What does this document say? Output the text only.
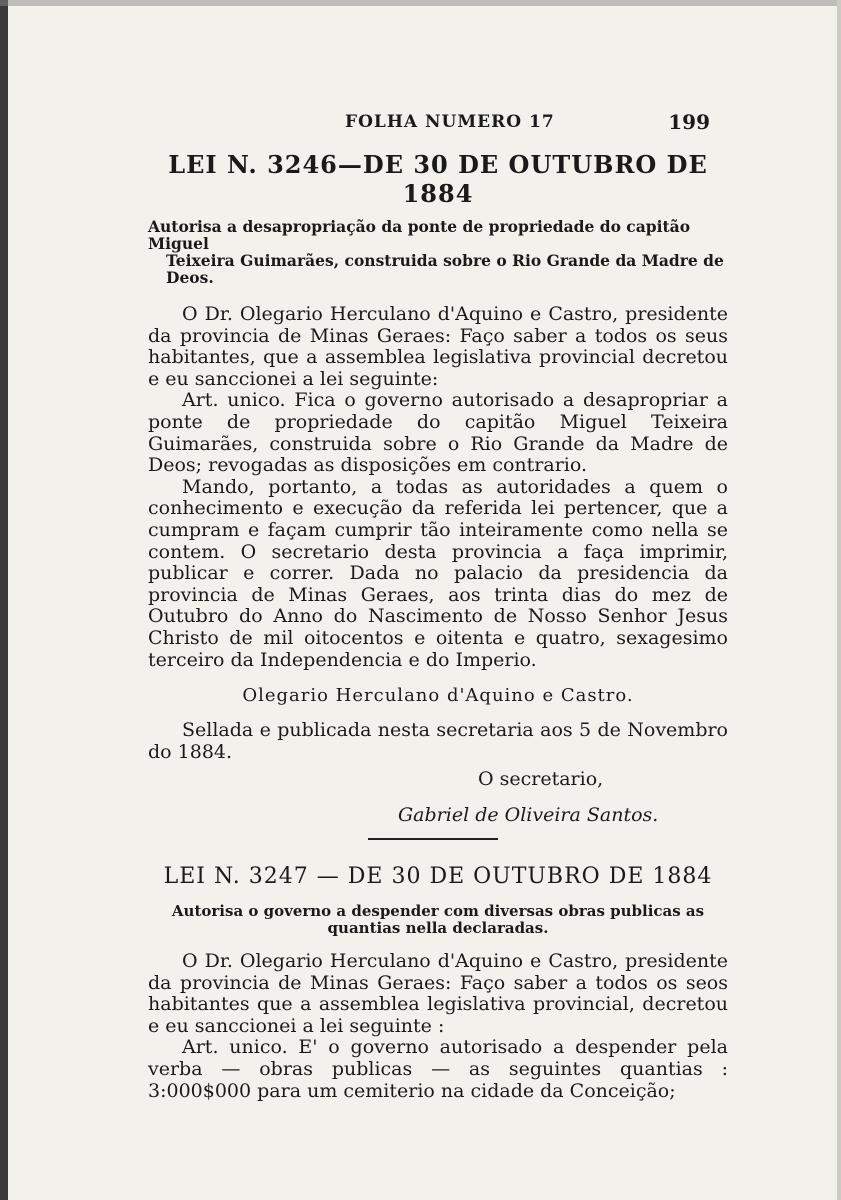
FOLHA NUMERO 17	199

LEI N. 3246—DE 30 DE OUTUBRO DE 1884

Autorisa a desapropriação da ponte de propriedade do capitão Miguel
Teixeira Guimarães, construida sobre o Rio Grande da Madre de Deos.

O Dr. Olegario Herculano d'Aquino e Castro, presidente da provincia de Minas Geraes: Faço saber a todos os seus habitantes, que a assemblea legislativa provincial decretou e eu sanccionei a lei seguinte:

Art. unico. Fica o governo autorisado a desapropriar a ponte de propriedade do capitão Miguel Teixeira Guimarães, construida sobre o Rio Grande da Madre de Deos; revogadas as disposições em contrario.

Mando, portanto, a todas as autoridades a quem o conhecimento e execução da referida lei pertencer, que a cumpram e façam cumprir tão inteiramente como nella se contem. O secretario desta provincia a faça imprimir, publicar e correr. Dada no palacio da presidencia da provincia de Minas Geraes, aos trinta dias do mez de Outubro do Anno do Nascimento de Nosso Senhor Jesus Christo de mil oitocentos e oitenta e quatro, sexagesimo terceiro da Independencia e do Imperio.

Olegario Herculano d'Aquino e Castro.

Sellada e publicada nesta secretaria aos 5 de Novembro do 1884.

O secretario,

Gabriel de Oliveira Santos.

LEI N. 3247 — DE 30 DE OUTUBRO DE 1884

Autorisa o governo a despender com diversas obras publicas as
quantias nella declaradas.

O Dr. Olegario Herculano d'Aquino e Castro, presidente da provincia de Minas Geraes: Faço saber a todos os seos habitantes que a assemblea legislativa provincial, decretou e eu sanccionei a lei seguinte :

Art. unico. E' o governo autorisado a despender pela verba — obras publicas — as seguintes quantias : 3:000$000 para um cemiterio na cidade da Conceição;
